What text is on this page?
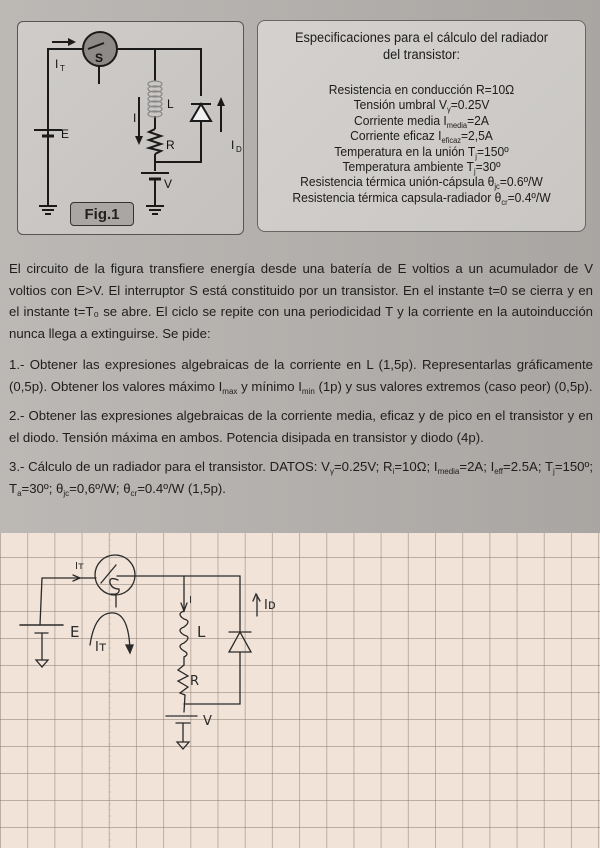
S
E
L
R
V
I
I T
I D
Fig.1
Especificaciones para el cálculo del radiador del transistor:
Resistencia en conducción R=10Ω
Tensión umbral $V_\gamma=0.25V$
Corriente media $I_{media}=2A$
Corriente eficaz $I_{eficaz}=2,5A$
Temperatura en la unión $T_j=150º$
Temperatura ambiente $T_j=30º$
Resistencia térmica unión-cápsula $\theta_{jc}=0.6º/W$
Resistencia térmica capsula-radiador $\theta_{cr}=0.4º/W$

El circuito de la figura transfiere energía desde una batería de E voltios a un acumulador de V voltios con E>V. El interruptor S está constituido por un transistor. En el instante t=0 se cierra y en el instante t=T₀ se abre. El ciclo se repite con una periodicidad T y la corriente en la autoinducción nunca llega a extinguirse. Se pide:

1.- Obtener las expresiones algebraicas de la corriente en L (1,5p). Representarlas gráficamente (0,5p). Obtener los valores máximo $I_{max}$ y mínimo $I_{min}$ (1p) y sus valores extremos (caso peor) (0,5p).

2.- Obtener las expresiones algebraicas de la corriente media, eficaz y de pico en el transistor y en el diodo. Tensión máxima en ambos. Potencia disipada en transistor y diodo (4p).

3.- Cálculo de un radiador para el transistor. DATOS: $V_\gamma=0.25V$; $R_i=10\Omega$; $I_{media}=2A$; $I_{eff}=2.5A$; $T_j=150º$; $T_a=30º$; $\theta_{jc}=0,6º/W$; $\theta_{cr}=0.4º/W$ (1,5p).

Iт
E
Iт
I
L
R
V
Iᴅ
